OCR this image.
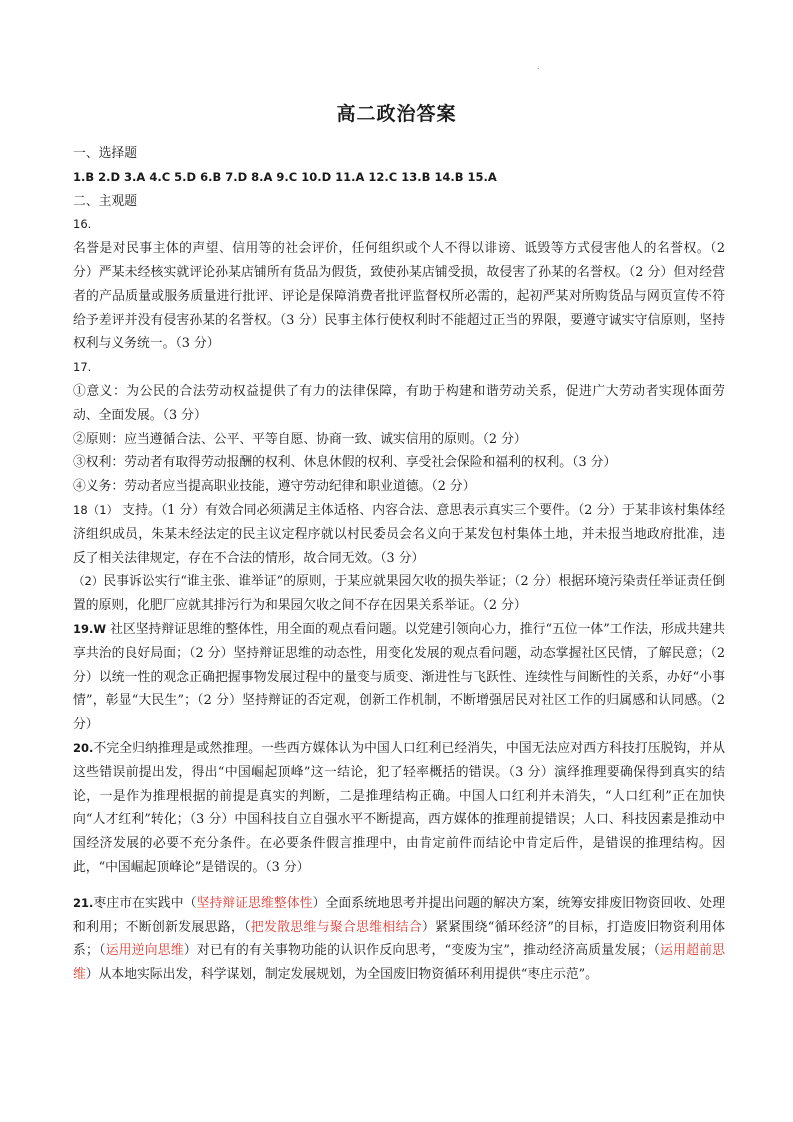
.
高二政治答案

一、选择题

1.B 2.D 3.A 4.C 5.D 6.B 7.D 8.A 9.C 10.D 11.A 12.C 13.B 14.B 15.A

二、主观题

16.

名誉是对民事主体的声望、信用等的社会评价，任何组织或个人不得以诽谤、诋毁等方式侵害他人的名誉权。（2 分）严某未经核实就评论孙某店铺所有货品为假货，致使孙某店铺受损，故侵害了孙某的名誉权。（2 分）但对经营者的产品质量或服务质量进行批评、评论是保障消费者批评监督权所必需的，起初严某对所购货品与网页宣传不符给予差评并没有侵害孙某的名誉权。（3 分）民事主体行使权利时不能超过正当的界限，要遵守诚实守信原则，坚持权利与义务统一。（3 分）

17.

①意义：为公民的合法劳动权益提供了有力的法律保障，有助于构建和谐劳动关系，促进广大劳动者实现体面劳动、全面发展。（3 分）

②原则：应当遵循合法、公平、平等自愿、协商一致、诚实信用的原则。（2 分）

③权利：劳动者有取得劳动报酬的权利、休息休假的权利、享受社会保险和福利的权利。（3 分）

④义务：劳动者应当提高职业技能，遵守劳动纪律和职业道德。（2 分）

18（1） 支持。（1 分）有效合同必须满足主体适格、内容合法、意思表示真实三个要件。（2 分）于某非该村集体经济组织成员，朱某未经法定的民主议定程序就以村民委员会名义向于某发包村集体土地，并未报当地政府批准，违反了相关法律规定，存在不合法的情形，故合同无效。（3 分）

（2）民事诉讼实行“谁主张、谁举证”的原则，于某应就果园欠收的损失举证；（2 分）根据环境污染责任举证责任倒置的原则，化肥厂应就其排污行为和果园欠收之间不存在因果关系举证。（2 分）

19.W 社区坚持辩证思维的整体性，用全面的观点看问题。以党建引领向心力，推行“五位一体”工作法，形成共建共享共治的良好局面；（2 分）坚持辩证思维的动态性，用变化发展的观点看问题，动态掌握社区民情，了解民意；（2 分）以统一性的观念正确把握事物发展过程中的量变与质变、渐进性与飞跃性、连续性与间断性的关系，办好“小事情”，彰显“大民生”；（2 分）坚持辩证的否定观，创新工作机制，不断增强居民对社区工作的归属感和认同感。（2 分）

20.不完全归纳推理是或然推理。一些西方媒体认为中国人口红利已经消失，中国无法应对西方科技打压脱钩，并从这些错误前提出发，得出“中国崛起顶峰”这一结论，犯了轻率概括的错误。（3 分）演绎推理要确保得到真实的结论，一是作为推理根据的前提是真实的判断，二是推理结构正确。中国人口红利并未消失，“人口红利”正在加快向“人才红利”转化；（3 分）中国科技自立自强水平不断提高，西方媒体的推理前提错误；人口、科技因素是推动中国经济发展的必要不充分条件。在必要条件假言推理中，由肯定前件而结论中肯定后件，是错误的推理结构。因此，“中国崛起顶峰论”是错误的。（3 分）

21.枣庄市在实践中（坚持辩证思维整体性）全面系统地思考并提出问题的解决方案，统筹安排废旧物资回收、处理和利用；不断创新发展思路，（把发散思维与聚合思维相结合）紧紧围绕“循环经济”的目标，打造废旧物资利用体系；（运用逆向思维）对已有的有关事物功能的认识作反向思考，“变废为宝”，推动经济高质量发展；（运用超前思维）从本地实际出发，科学谋划，制定发展规划，为全国废旧物资循环利用提供“枣庄示范”。
